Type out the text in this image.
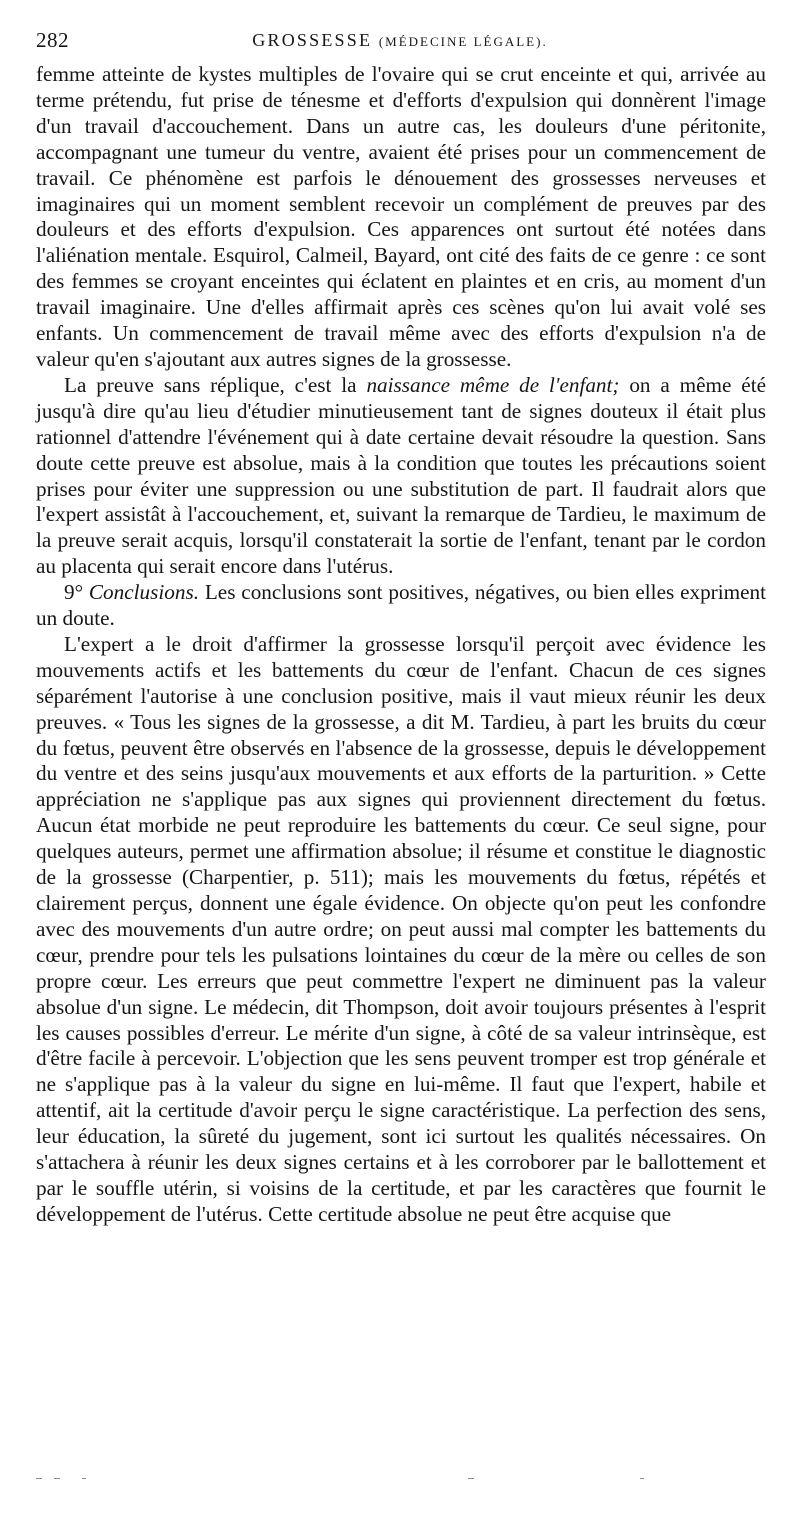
282	GROSSESSE (MÉDECINE LÉGALE).

femme atteinte de kystes multiples de l'ovaire qui se crut enceinte et qui, arrivée au terme prétendu, fut prise de ténesme et d'efforts d'expulsion qui donnèrent l'image d'un travail d'accouchement. Dans un autre cas, les douleurs d'une péritonite, accompagnant une tumeur du ventre, avaient été prises pour un commencement de travail. Ce phénomène est parfois le dénouement des grossesses nerveuses et imaginaires qui un moment semblent recevoir un complément de preuves par des douleurs et des efforts d'expulsion. Ces apparences ont surtout été notées dans l'aliénation mentale. Esquirol, Calmeil, Bayard, ont cité des faits de ce genre : ce sont des femmes se croyant enceintes qui éclatent en plaintes et en cris, au moment d'un travail imaginaire. Une d'elles affirmait après ces scènes qu'on lui avait volé ses enfants. Un commencement de travail même avec des efforts d'expulsion n'a de valeur qu'en s'ajoutant aux autres signes de la grossesse.

La preuve sans réplique, c'est la naissance même de l'enfant; on a même été jusqu'à dire qu'au lieu d'étudier minutieusement tant de signes douteux il était plus rationnel d'attendre l'événement qui à date certaine devait résoudre la question. Sans doute cette preuve est absolue, mais à la condition que toutes les précautions soient prises pour éviter une suppression ou une substitution de part. Il faudrait alors que l'expert assistât à l'accouchement, et, suivant la remarque de Tardieu, le maximum de la preuve serait acquis, lorsqu'il constaterait la sortie de l'enfant, tenant par le cordon au placenta qui serait encore dans l'utérus.

9° Conclusions. Les conclusions sont positives, négatives, ou bien elles expriment un doute.

L'expert a le droit d'affirmer la grossesse lorsqu'il perçoit avec évidence les mouvements actifs et les battements du cœur de l'enfant. Chacun de ces signes séparément l'autorise à une conclusion positive, mais il vaut mieux réunir les deux preuves. « Tous les signes de la grossesse, a dit M. Tardieu, à part les bruits du cœur du fœtus, peuvent être observés en l'absence de la grossesse, depuis le développement du ventre et des seins jusqu'aux mouvements et aux efforts de la parturition. » Cette appréciation ne s'applique pas aux signes qui proviennent directement du fœtus. Aucun état morbide ne peut reproduire les battements du cœur. Ce seul signe, pour quelques auteurs, permet une affirmation absolue; il résume et constitue le diagnostic de la grossesse (Charpentier, p. 511); mais les mouvements du fœtus, répétés et clairement perçus, donnent une égale évidence. On objecte qu'on peut les confondre avec des mouvements d'un autre ordre; on peut aussi mal compter les battements du cœur, prendre pour tels les pulsations lointaines du cœur de la mère ou celles de son propre cœur. Les erreurs que peut commettre l'expert ne diminuent pas la valeur absolue d'un signe. Le médecin, dit Thompson, doit avoir toujours présentes à l'esprit les causes possibles d'erreur. Le mérite d'un signe, à côté de sa valeur intrinsèque, est d'être facile à percevoir. L'objection que les sens peuvent tromper est trop générale et ne s'applique pas à la valeur du signe en lui-même. Il faut que l'expert, habile et attentif, ait la certitude d'avoir perçu le signe caractéristique. La perfection des sens, leur éducation, la sûreté du jugement, sont ici surtout les qualités nécessaires. On s'attachera à réunir les deux signes certains et à les corroborer par le ballottement et par le souffle utérin, si voisins de la certitude, et par les caractères que fournit le développement de l'utérus. Cette certitude absolue ne peut être acquise que
